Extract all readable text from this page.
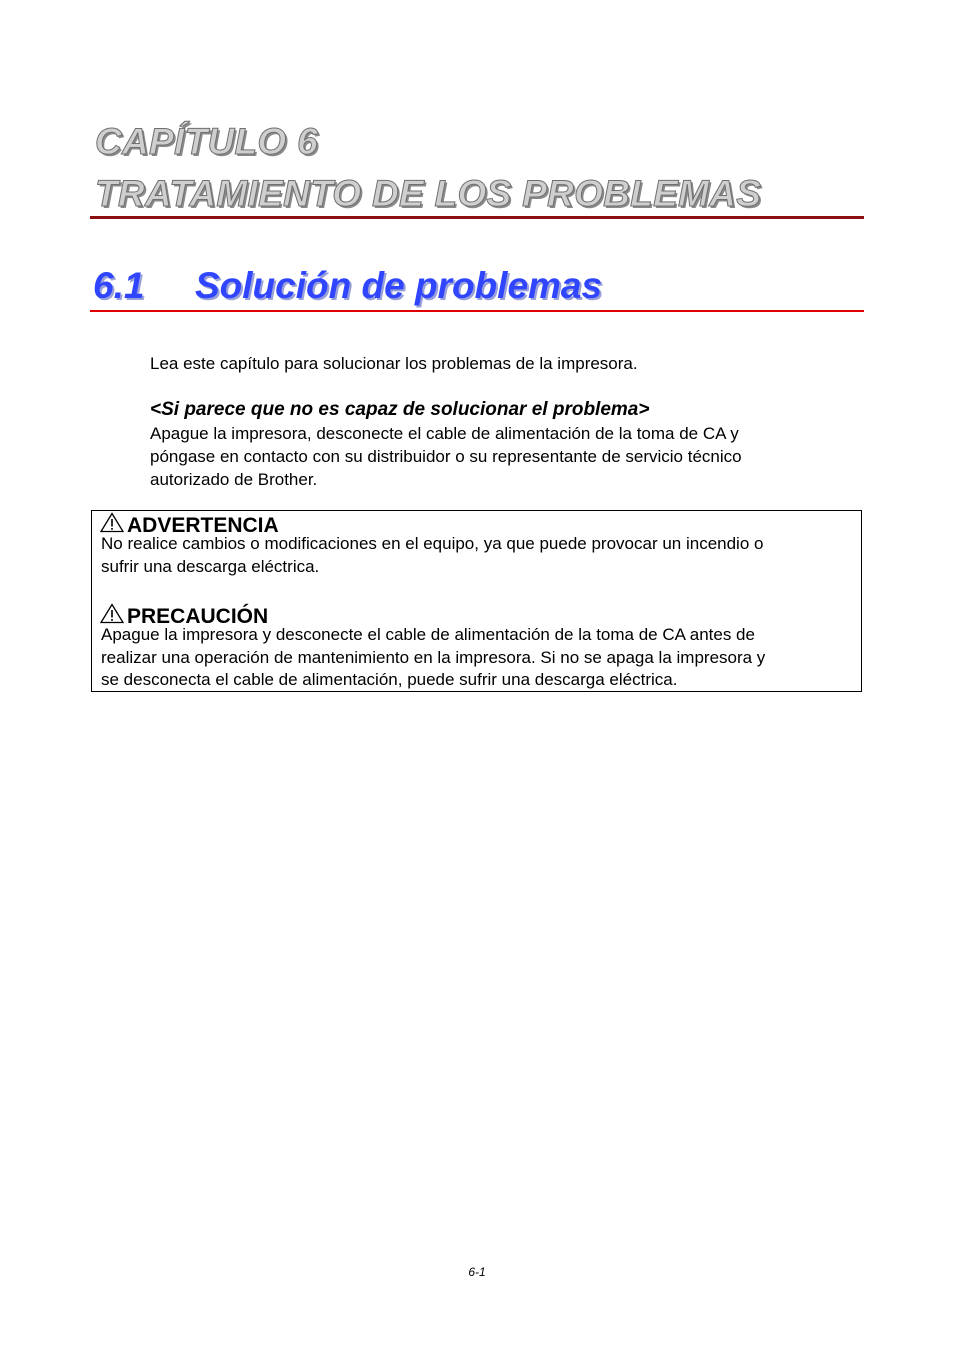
CAPÍTULO 6
TRATAMIENTO DE LOS PROBLEMAS
6.1 Solución de problemas

Lea este capítulo para solucionar los problemas de la impresora.

<Si parece que no es capaz de solucionar el problema>

Apague la impresora, desconecte el cable de alimentación de la toma de CA y
póngase en contacto con su distribuidor o su representante de servicio técnico
autorizado de Brother.

ADVERTENCIA

No realice cambios o modificaciones en el equipo, ya que puede provocar un incendio o
sufrir una descarga eléctrica.

PRECAUCIÓN

Apague la impresora y desconecte el cable de alimentación de la toma de CA antes de
realizar una operación de mantenimiento en la impresora. Si no se apaga la impresora y
se desconecta el cable de alimentación, puede sufrir una descarga eléctrica.

6-1
